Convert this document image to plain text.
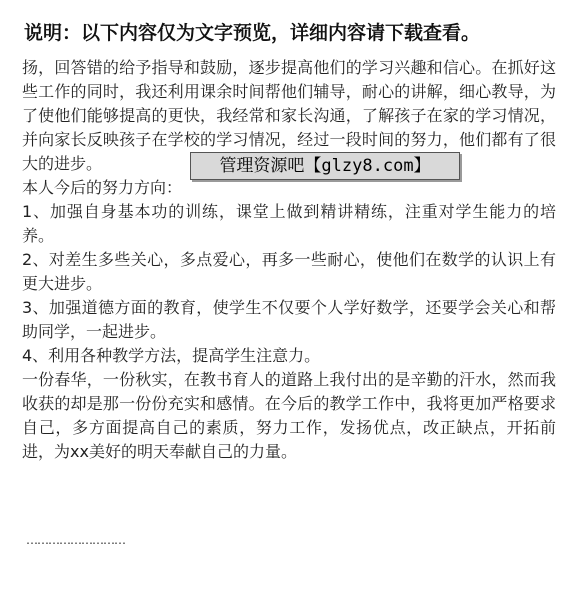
说明：以下内容仅为文字预览，详细内容请下载查看。

扬，回答错的给予指导和鼓励，逐步提高他们的学习兴趣和信心。在抓好这些工作的同时，我还利用课余时间帮他们辅导，耐心的讲解，细心教导，为了使他们能够提高的更快，我经常和家长沟通，了解孩子在家的学习情况，并向家长反映孩子在学校的学习情况，经过一段时间的努力，他们都有了很大的进步。

本人今后的努力方向：

1、加强自身基本功的训练，课堂上做到精讲精练，注重对学生能力的培养。

2、对差生多些关心，多点爱心，再多一些耐心，使他们在数学的认识上有更大进步。

3、加强道德方面的教育，使学生不仅要个人学好数学，还要学会关心和帮助同学，一起进步。

4、利用各种教学方法，提高学生注意力。

一份春华，一份秋实，在教书育人的道路上我付出的是辛勤的汗水，然而我收获的却是那一份份充实和感情。在今后的教学工作中，我将更加严格要求自己，多方面提高自己的素质，努力工作，发扬优点，改正缺点，开拓前进，为xx美好的明天奉献自己的力量。

………………………
管理资源吧【glzy8.com】
